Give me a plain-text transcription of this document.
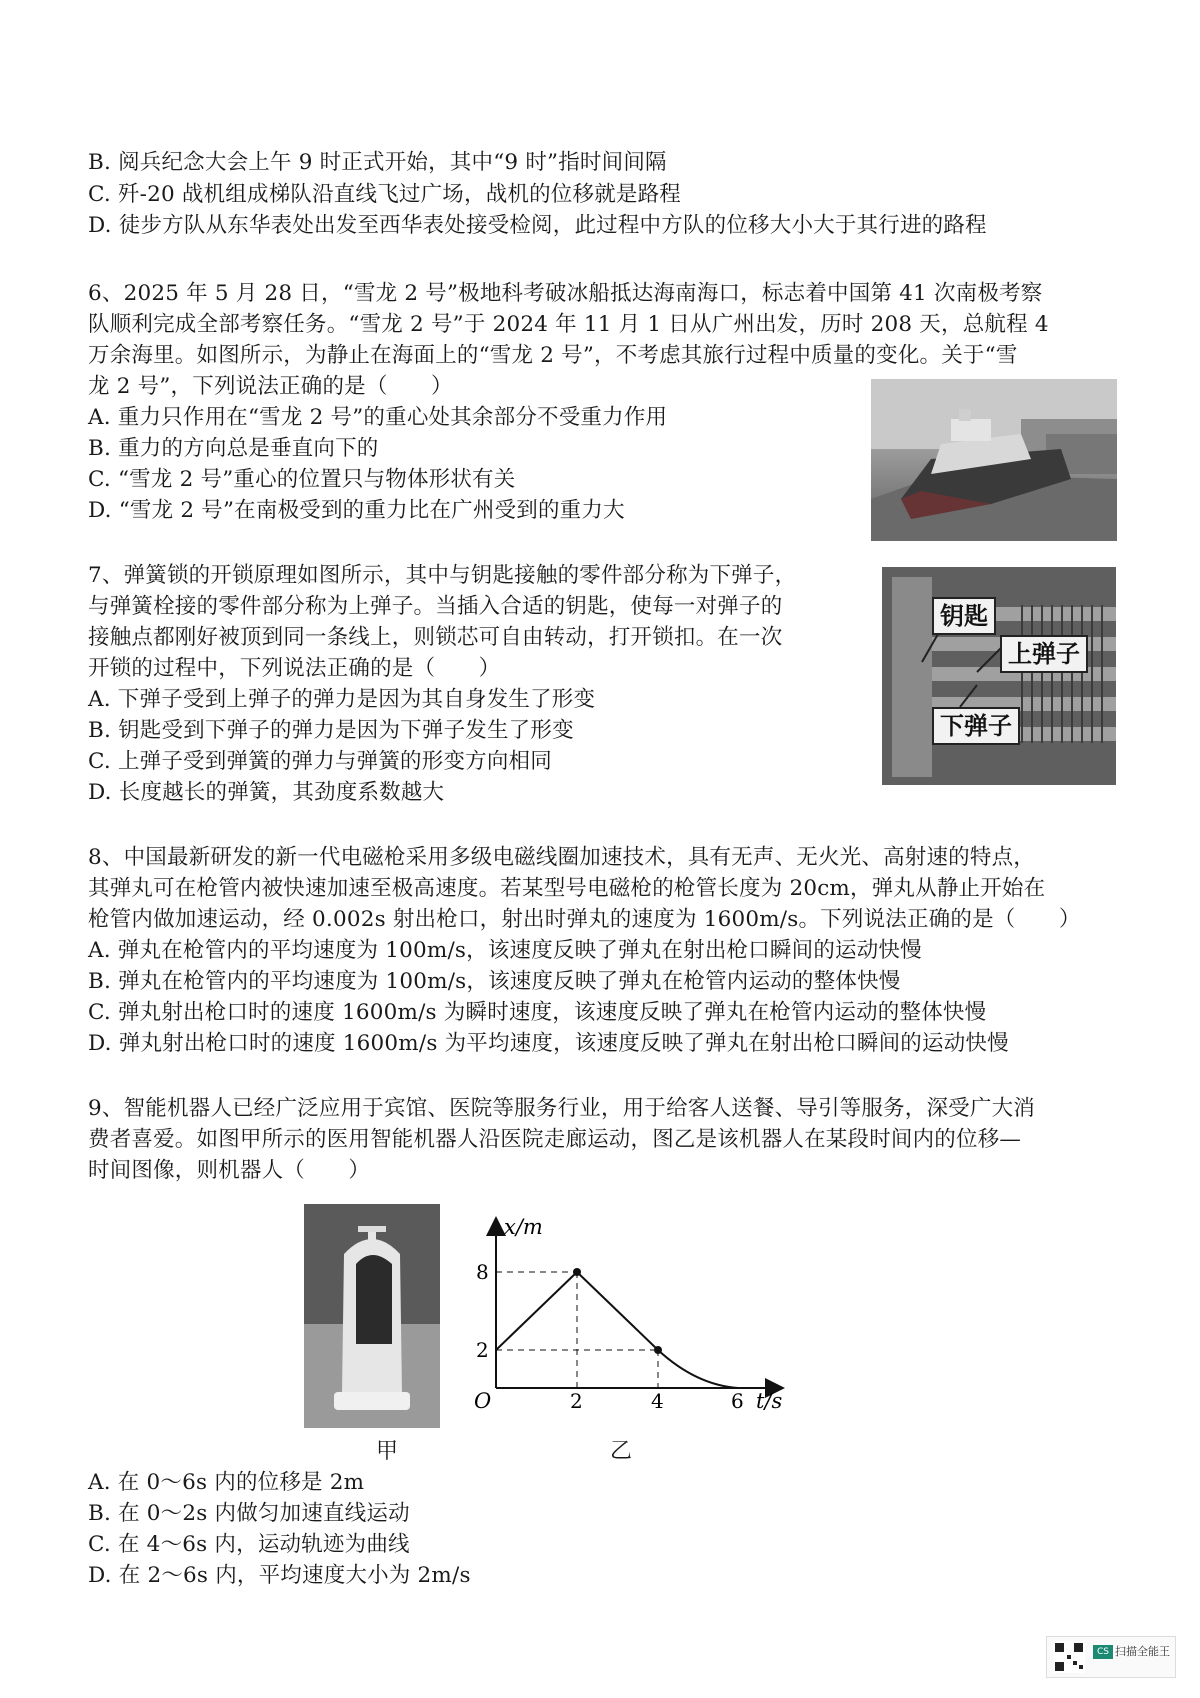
B. 阅兵纪念大会上午 9 时正式开始，其中“9 时”指时间间隔
C. 歼-20 战机组成梯队沿直线飞过广场，战机的位移就是路程
D. 徒步方队从东华表处出发至西华表处接受检阅，此过程中方队的位移大小大于其行进的路程
6、2025 年 5 月 28 日，“雪龙 2 号”极地科考破冰船抵达海南海口，标志着中国第 41 次南极考察
队顺利完成全部考察任务。“雪龙 2 号”于 2024 年 11 月 1 日从广州出发，历时 208 天，总航程 4
万余海里。如图所示，为静止在海面上的“雪龙 2 号”，不考虑其旅行过程中质量的变化。关于“雪
龙 2 号”，下列说法正确的是（　　）
A. 重力只作用在“雪龙 2 号”的重心处其余部分不受重力作用
B. 重力的方向总是垂直向下的
C. “雪龙 2 号”重心的位置只与物体形状有关
D. “雪龙 2 号”在南极受到的重力比在广州受到的重力大
7、弹簧锁的开锁原理如图所示，其中与钥匙接触的零件部分称为下弹子，
与弹簧栓接的零件部分称为上弹子。当插入合适的钥匙，使每一对弹子的
接触点都刚好被顶到同一条线上，则锁芯可自由转动，打开锁扣。在一次
开锁的过程中，下列说法正确的是（　　）
A. 下弹子受到上弹子的弹力是因为其自身发生了形变
B. 钥匙受到下弹子的弹力是因为下弹子发生了形变
C. 上弹子受到弹簧的弹力与弹簧的形变方向相同
D. 长度越长的弹簧，其劲度系数越大
8、中国最新研发的新一代电磁枪采用多级电磁线圈加速技术，具有无声、无火光、高射速的特点，
其弹丸可在枪管内被快速加速至极高速度。若某型号电磁枪的枪管长度为 20cm，弹丸从静止开始在
枪管内做加速运动，经 0.002s 射出枪口，射出时弹丸的速度为 1600m/s。下列说法正确的是（　　）
A. 弹丸在枪管内的平均速度为 100m/s，该速度反映了弹丸在射出枪口瞬间的运动快慢
B. 弹丸在枪管内的平均速度为 100m/s，该速度反映了弹丸在枪管内运动的整体快慢
C. 弹丸射出枪口时的速度 1600m/s 为瞬时速度，该速度反映了弹丸在枪管内运动的整体快慢
D. 弹丸射出枪口时的速度 1600m/s 为平均速度，该速度反映了弹丸在射出枪口瞬间的运动快慢
9、智能机器人已经广泛应用于宾馆、医院等服务行业，用于给客人送餐、导引等服务，深受广大消
费者喜爱。如图甲所示的医用智能机器人沿医院走廊运动，图乙是该机器人在某段时间内的位移—
时间图像，则机器人（　　）
A. 在 0～6s 内的位移是 2m
B. 在 0～2s 内做匀加速直线运动
C. 在 4～6s 内，运动轨迹为曲线
D. 在 2～6s 内，平均速度大小为 2m/s
钥匙
上弹子
下弹子
甲	乙
x/m
t/s
O
8
2
2	4	6
CS 扫描全能王
